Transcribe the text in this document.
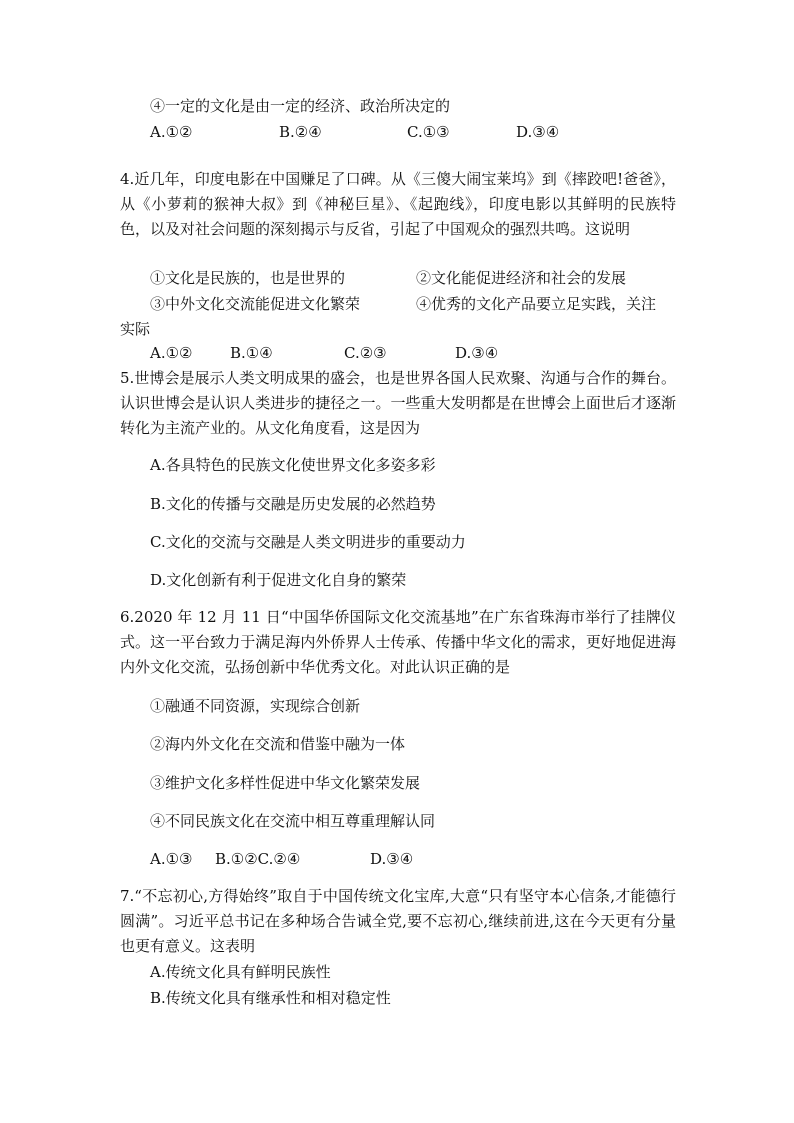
④一定的文化是由一定的经济、政治所决定的
A.①②	B.②④	C.①③	D.③④
4.近几年，印度电影在中国赚足了口碑。从《三傻大闹宝莱坞》到《摔跤吧!爸爸》，从《小萝莉的猴神大叔》到《神秘巨星》、《起跑线》，印度电影以其鲜明的民族特色，以及对社会问题的深刻揭示与反省，引起了中国观众的强烈共鸣。这说明
①文化是民族的，也是世界的	②文化能促进经济和社会的发展
③中外文化交流能促进文化繁荣	④优秀的文化产品要立足实践，关注
实际
A.①②	B.①④	C.②③	D.③④
5.世博会是展示人类文明成果的盛会，也是世界各国人民欢聚、沟通与合作的舞台。认识世博会是认识人类进步的捷径之一。一些重大发明都是在世博会上面世后才逐渐转化为主流产业的。从文化角度看，这是因为
A.各具特色的民族文化使世界文化多姿多彩
B.文化的传播与交融是历史发展的必然趋势
C.文化的交流与交融是人类文明进步的重要动力
D.文化创新有利于促进文化自身的繁荣
6.2020 年 12 月 11 日“中国华侨国际文化交流基地”在广东省珠海市举行了挂牌仪式。这一平台致力于满足海内外侨界人士传承、传播中华文化的需求，更好地促进海内外文化交流，弘扬创新中华优秀文化。对此认识正确的是
①融通不同资源，实现综合创新
②海内外文化在交流和借鉴中融为一体
③维护文化多样性促进中华文化繁荣发展
④不同民族文化在交流中相互尊重理解认同
A.①③ B.①②C.②④	D.③④
7.“不忘初心,方得始终”取自于中国传统文化宝库,大意“只有坚守本心信条,才能德行圆满”。习近平总书记在多种场合告诫全党,要不忘初心,继续前进,这在今天更有分量也更有意义。这表明
A.传统文化具有鲜明民族性
B.传统文化具有继承性和相对稳定性
